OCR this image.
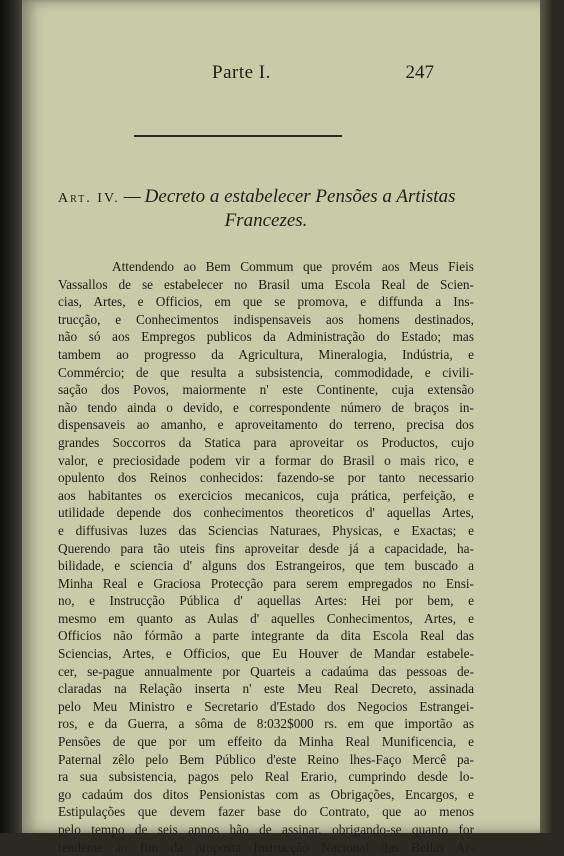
Parte I.	247
Art. IV. — Decreto a estabelecer Pensões a Artistas
Francezes.
Attendendo ao Bem Commum que provém aos Meus Fieis
Vassallos de se estabelecer no Brasil uma Escola Real de Scien-
cias, Artes, e Officios, em que se promova, e diffunda a Ins-
trucção, e Conhecimentos indispensaveis aos homens destinados,
não só aos Empregos publicos da Administração do Estado; mas
tambem ao progresso da Agricultura, Mineralogia, Indústria, e
Commércio; de que resulta a subsistencia, commodidade, e civili-
sação dos Povos, maiormente n' este Continente, cuja extensão
não tendo ainda o devido, e correspondente número de braços in-
dispensaveis ao amanho, e aproveitamento do terreno, precisa dos
grandes Soccorros da Statica para aproveitar os Productos, cujo
valor, e preciosidade podem vir a formar do Brasil o mais rico, e
opulento dos Reinos conhecidos: fazendo-se por tanto necessario
aos habitantes os exercicios mecanicos, cuja prática, perfeição, e
utilidade depende dos conhecimentos theoreticos d' aquellas Artes,
e diffusivas luzes das Sciencias Naturaes, Physicas, e Exactas; e
Querendo para tão uteis fins aproveitar desde já a capacidade, ha-
bilidade, e sciencia d' alguns dos Estrangeiros, que tem buscado a
Minha Real e Graciosa Protecção para serem empregados no Ensi-
no, e Instrucção Pública d' aquellas Artes: Hei por bem, e
mesmo em quanto as Aulas d' aquelles Conhecimentos, Artes, e
Officios não fórmão a parte integrante da dita Escola Real das
Sciencias, Artes, e Officios, que Eu Houver de Mandar estabele-
cer, se-pague annualmente por Quarteis a cadaúma das pessoas de-
claradas na Relação inserta n' este Meu Real Decreto, assinada
pelo Meu Ministro e Secretario d'Estado dos Negocios Estrangei-
ros, e da Guerra, a sôma de 8:032$000 rs. em que importão as
Pensões de que por um effeito da Minha Real Munificencia, e
Paternal zêlo pelo Bem Público d'este Reino lhes-Faço Mercê pa-
ra sua subsistencia, pagos pelo Real Erario, cumprindo desde lo-
go cadaúm dos ditos Pensionistas com as Obrigações, Encargos, e
Estipulações que devem fazer base do Contrato, que ao menos
pelo tempo de seis annos hão de assinar, obrigando-se quanto for
tendente ao fim da proposta Instrucção Nacional das Bellas Ar-
